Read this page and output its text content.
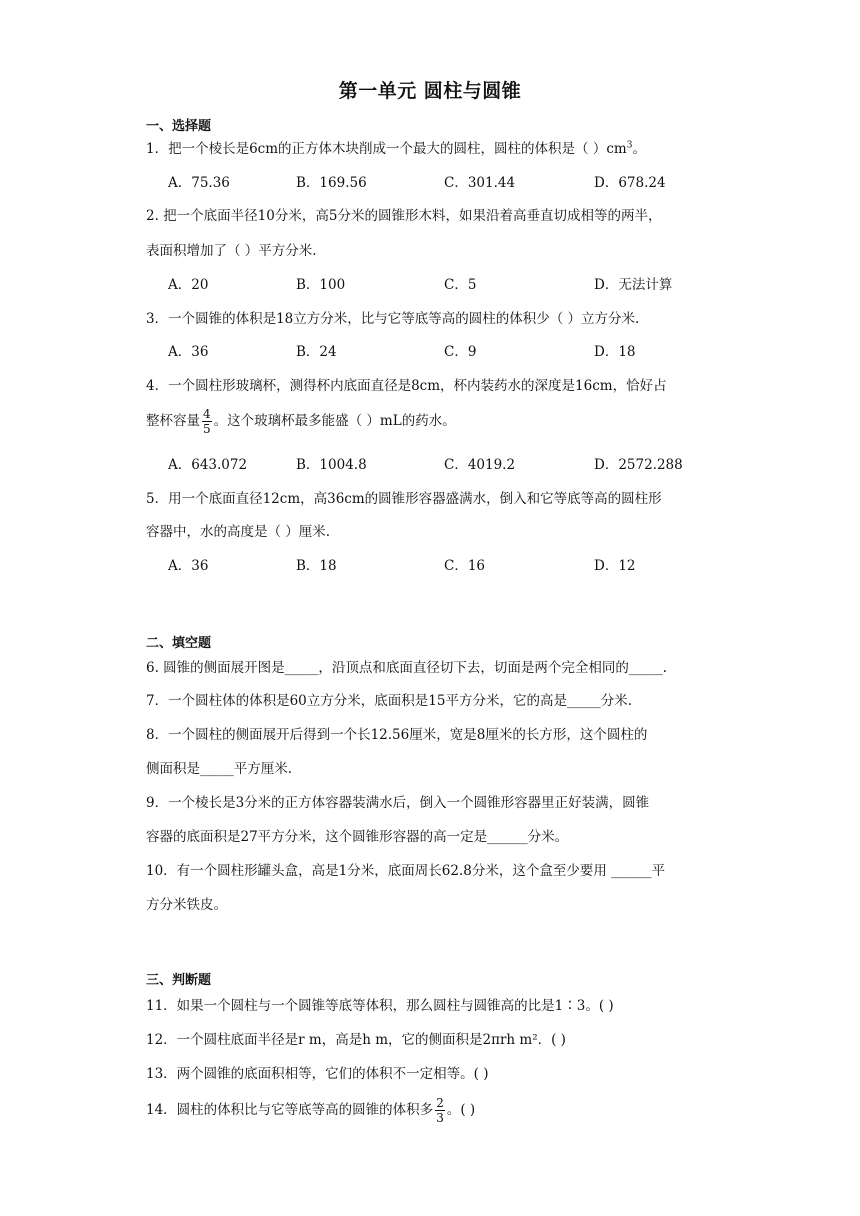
第一单元 圆柱与圆锥
一、选择题
1．把一个棱长是6cm的正方体木块削成一个最大的圆柱，圆柱的体积是（ ）$cm^3$。
A．75.36	B．169.56	C．301.44	D．678.24
2. 把一个底面半径10分米，高5分米的圆锥形木料，如果沿着高垂直切成相等的两半，
表面积增加了（ ）平方分米.
A．20	B．100	C．5	D．无法计算
3．一个圆锥的体积是18立方分米，比与它等底等高的圆柱的体积少（ ）立方分米.
A．36	B．24	C．9	D．18
4．一个圆柱形玻璃杯，测得杯内底面直径是8cm，杯内装药水的深度是16cm，恰好占
整杯容量 $\frac{4}{5}$ 。这个玻璃杯最多能盛（ ）mL的药水。
A．643.072	B．1004.8	C．4019.2	D．2572.288
5．用一个底面直径12cm，高36cm的圆锥形容器盛满水，倒入和它等底等高的圆柱形
容器中，水的高度是（ ）厘米.
A．36	B．18	C．16	D．12
二、填空题
6. 圆锥的侧面展开图是_____，沿顶点和底面直径切下去，切面是两个完全相同的_____.
7．一个圆柱体的体积是60立方分米，底面积是15平方分米，它的高是_____分米.
8．一个圆柱的侧面展开后得到一个长12.56厘米，宽是8厘米的长方形，这个圆柱的
侧面积是_____平方厘米.
9．一个棱长是3分米的正方体容器装满水后，倒入一个圆锥形容器里正好装满，圆锥
容器的底面积是27平方分米，这个圆锥形容器的高一定是______分米。
10．有一个圆柱形罐头盒，高是1分米，底面周长62.8分米，这个盒至少要用 ______平
方分米铁皮。
三、判断题
11．如果一个圆柱与一个圆锥等底等体积，那么圆柱与圆锥高的比是1∶3。( )
12．一个圆柱底面半径是r m，高是h m，它的侧面积是2πrh m²．( )
13．两个圆锥的底面积相等，它们的体积不一定相等。( )
14．圆柱的体积比与它等底等高的圆锥的体积多 $\frac{2}{3}$ 。( )
